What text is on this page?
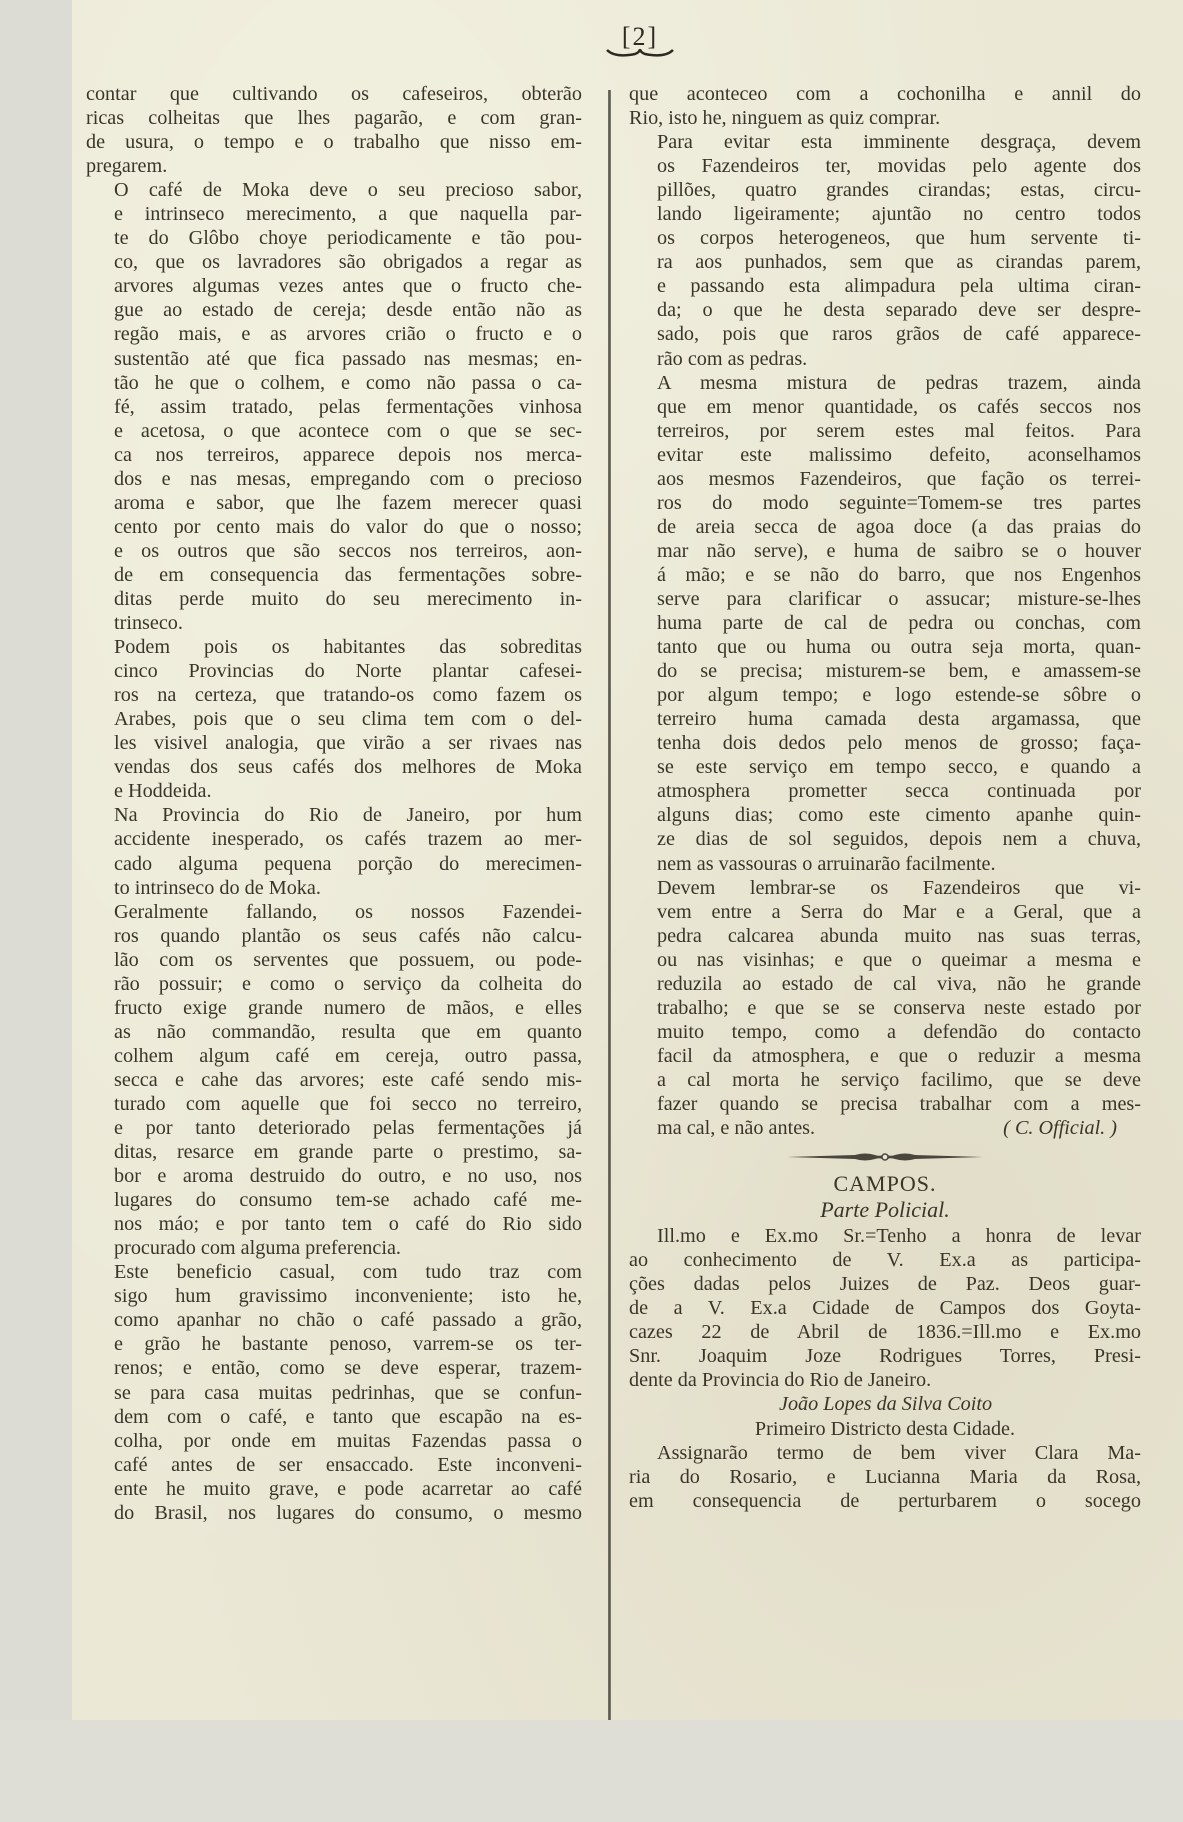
[2]
contar que cultivando os cafeseiros, obterão
ricas colheitas que lhes pagarão, e com gran-
de usura, o tempo e o trabalho que nisso em-
pregarem.
O café de Moka deve o seu precioso sabor,
e intrinseco merecimento, a que naquella par-
te do Glôbo choye periodicamente e tão pou-
co, que os lavradores são obrigados a regar as
arvores algumas vezes antes que o fructo che-
gue ao estado de cereja; desde então não as
regão mais, e as arvores crião o fructo e o
sustentão até que fica passado nas mesmas; en-
tão he que o colhem, e como não passa o ca-
fé, assim tratado, pelas fermentações vinhosa
e acetosa, o que acontece com o que se sec-
ca nos terreiros, apparece depois nos merca-
dos e nas mesas, empregando com o precioso
aroma e sabor, que lhe fazem merecer quasi
cento por cento mais do valor do que o nosso;
e os outros que são seccos nos terreiros, aon-
de em consequencia das fermentações sobre-
ditas perde muito do seu merecimento in-
trinseco.
Podem pois os habitantes das sobreditas
cinco Provincias do Norte plantar cafesei-
ros na certeza, que tratando-os como fazem os
Arabes, pois que o seu clima tem com o del-
les visivel analogia, que virão a ser rivaes nas
vendas dos seus cafés dos melhores de Moka
e Hoddeida.
Na Provincia do Rio de Janeiro, por hum
accidente inesperado, os cafés trazem ao mer-
cado alguma pequena porção do merecimen-
to intrinseco do de Moka.
Geralmente fallando, os nossos Fazendei-
ros quando plantão os seus cafés não calcu-
lão com os serventes que possuem, ou pode-
rão possuir; e como o serviço da colheita do
fructo exige grande numero de mãos, e elles
as não commandão, resulta que em quanto
colhem algum café em cereja, outro passa,
secca e cahe das arvores; este café sendo mis-
turado com aquelle que foi secco no terreiro,
e por tanto deteriorado pelas fermentações já
ditas, resarce em grande parte o prestimo, sa-
bor e aroma destruido do outro, e no uso, nos
lugares do consumo tem-se achado café me-
nos máo; e por tanto tem o café do Rio sido
procurado com alguma preferencia.
Este beneficio casual, com tudo traz com
sigo hum gravissimo inconveniente; isto he,
como apanhar no chão o café passado a grão,
e grão he bastante penoso, varrem-se os ter-
renos; e então, como se deve esperar, trazem-
se para casa muitas pedrinhas, que se confun-
dem com o café, e tanto que escapão na es-
colha, por onde em muitas Fazendas passa o
café antes de ser ensaccado. Este inconveni-
ente he muito grave, e pode acarretar ao café
do Brasil, nos lugares do consumo, o mesmo
que aconteceo com a cochonilha e annil do
Rio, isto he, ninguem as quiz comprar.
Para evitar esta imminente desgraça, devem
os Fazendeiros ter, movidas pelo agente dos
pillões, quatro grandes cirandas; estas, circu-
lando ligeiramente; ajuntão no centro todos
os corpos heterogeneos, que hum servente ti-
ra aos punhados, sem que as cirandas parem,
e passando esta alimpadura pela ultima ciran-
da; o que he desta separado deve ser despre-
sado, pois que raros grãos de café apparece-
rão com as pedras.
A mesma mistura de pedras trazem, ainda
que em menor quantidade, os cafés seccos nos
terreiros, por serem estes mal feitos. Para
evitar este malissimo defeito, aconselhamos
aos mesmos Fazendeiros, que fação os terrei-
ros do modo seguinte=Tomem-se tres partes
de areia secca de agoa doce (a das praias do
mar não serve), e huma de saibro se o houver
á mão; e se não do barro, que nos Engenhos
serve para clarificar o assucar; misture-se-lhes
huma parte de cal de pedra ou conchas, com
tanto que ou huma ou outra seja morta, quan-
do se precisa; misturem-se bem, e amassem-se
por algum tempo; e logo estende-se sôbre o
terreiro huma camada desta argamassa, que
tenha dois dedos pelo menos de grosso; faça-
se este serviço em tempo secco, e quando a
atmosphera prometter secca continuada por
alguns dias; como este cimento apanhe quin-
ze dias de sol seguidos, depois nem a chuva,
nem as vassouras o arruinarão facilmente.
Devem lembrar-se os Fazendeiros que vi-
vem entre a Serra do Mar e a Geral, que a
pedra calcarea abunda muito nas suas terras,
ou nas visinhas; e que o queimar a mesma e
reduzila ao estado de cal viva, não he grande
trabalho; e que se se conserva neste estado por
muito tempo, como a defendão do contacto
facil da atmosphera, e que o reduzir a mesma
a cal morta he serviço facilimo, que se deve
fazer quando se precisa trabalhar com a mes-
ma cal, e não antes.	( C. Official. )
CAMPOS.
Parte Policial.
Ill.mo e Ex.mo Sr.=Tenho a honra de levar
ao conhecimento de V. Ex.a as participa-
ções dadas pelos Juizes de Paz. Deos guar-
de a V. Ex.a Cidade de Campos dos Goyta-
cazes 22 de Abril de 1836.=Ill.mo e Ex.mo
Snr. Joaquim Joze Rodrigues Torres, Presi-
dente da Provincia do Rio de Janeiro.
João Lopes da Silva Coito
Primeiro Districto desta Cidade.
Assignarão termo de bem viver Clara Ma-
ria do Rosario, e Lucianna Maria da Rosa,
em consequencia de perturbarem o socego
